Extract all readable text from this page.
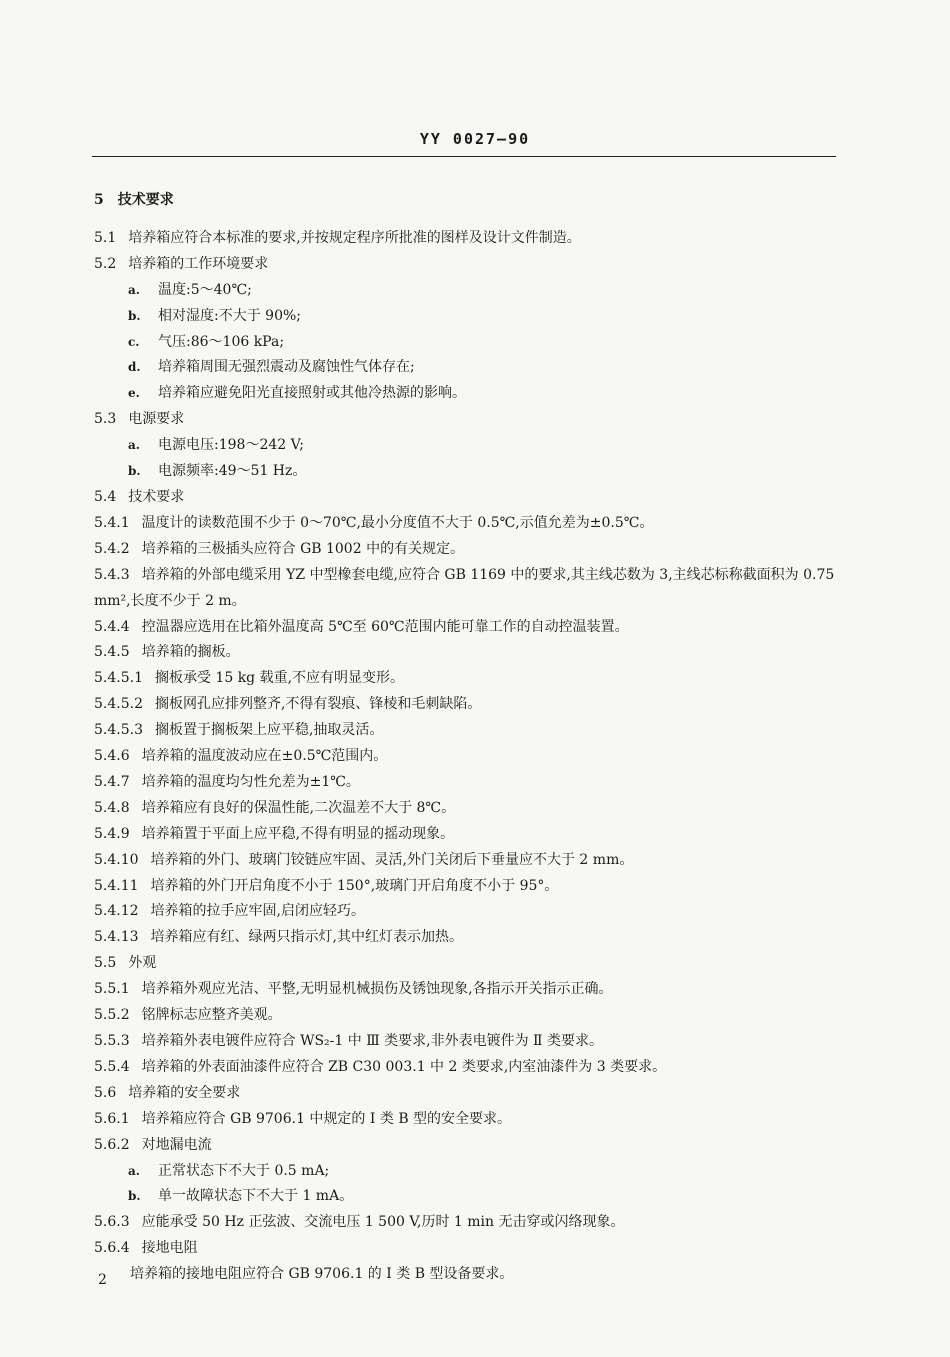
YY 0027—90
5 技术要求
5.1 培养箱应符合本标准的要求,并按规定程序所批准的图样及设计文件制造。
5.2 培养箱的工作环境要求
a. 温度:5～40℃;
b. 相对湿度:不大于 90%;
c. 气压:86～106 kPa;
d. 培养箱周围无强烈震动及腐蚀性气体存在;
e. 培养箱应避免阳光直接照射或其他冷热源的影响。
5.3 电源要求
a. 电源电压:198～242 V;
b. 电源频率:49～51 Hz。
5.4 技术要求
5.4.1 温度计的读数范围不少于 0～70℃,最小分度值不大于 0.5℃,示值允差为±0.5℃。
5.4.2 培养箱的三极插头应符合 GB 1002 中的有关规定。
5.4.3 培养箱的外部电缆采用 YZ 中型橡套电缆,应符合 GB 1169 中的要求,其主线芯数为 3,主线芯标称截面积为 0.75 mm²,长度不少于 2 m。
5.4.4 控温器应选用在比箱外温度高 5℃至 60℃范围内能可靠工作的自动控温装置。
5.4.5 培养箱的搁板。
5.4.5.1 搁板承受 15 kg 载重,不应有明显变形。
5.4.5.2 搁板网孔应排列整齐,不得有裂痕、锋棱和毛刺缺陷。
5.4.5.3 搁板置于搁板架上应平稳,抽取灵活。
5.4.6 培养箱的温度波动应在±0.5℃范围内。
5.4.7 培养箱的温度均匀性允差为±1℃。
5.4.8 培养箱应有良好的保温性能,二次温差不大于 8℃。
5.4.9 培养箱置于平面上应平稳,不得有明显的摇动现象。
5.4.10 培养箱的外门、玻璃门铰链应牢固、灵活,外门关闭后下垂量应不大于 2 mm。
5.4.11 培养箱的外门开启角度不小于 150°,玻璃门开启角度不小于 95°。
5.4.12 培养箱的拉手应牢固,启闭应轻巧。
5.4.13 培养箱应有红、绿两只指示灯,其中红灯表示加热。
5.5 外观
5.5.1 培养箱外观应光洁、平整,无明显机械损伤及锈蚀现象,各指示开关指示正确。
5.5.2 铭牌标志应整齐美观。
5.5.3 培养箱外表电镀件应符合 WS₂-1 中 Ⅲ 类要求,非外表电镀件为 Ⅱ 类要求。
5.5.4 培养箱的外表面油漆件应符合 ZB C30 003.1 中 2 类要求,内室油漆件为 3 类要求。
5.6 培养箱的安全要求
5.6.1 培养箱应符合 GB 9706.1 中规定的 Ⅰ 类 B 型的安全要求。
5.6.2 对地漏电流
a. 正常状态下不大于 0.5 mA;
b. 单一故障状态下不大于 1 mA。
5.6.3 应能承受 50 Hz 正弦波、交流电压 1 500 V,历时 1 min 无击穿或闪络现象。
5.6.4 接地电阻
培养箱的接地电阻应符合 GB 9706.1 的 Ⅰ 类 B 型设备要求。
2
